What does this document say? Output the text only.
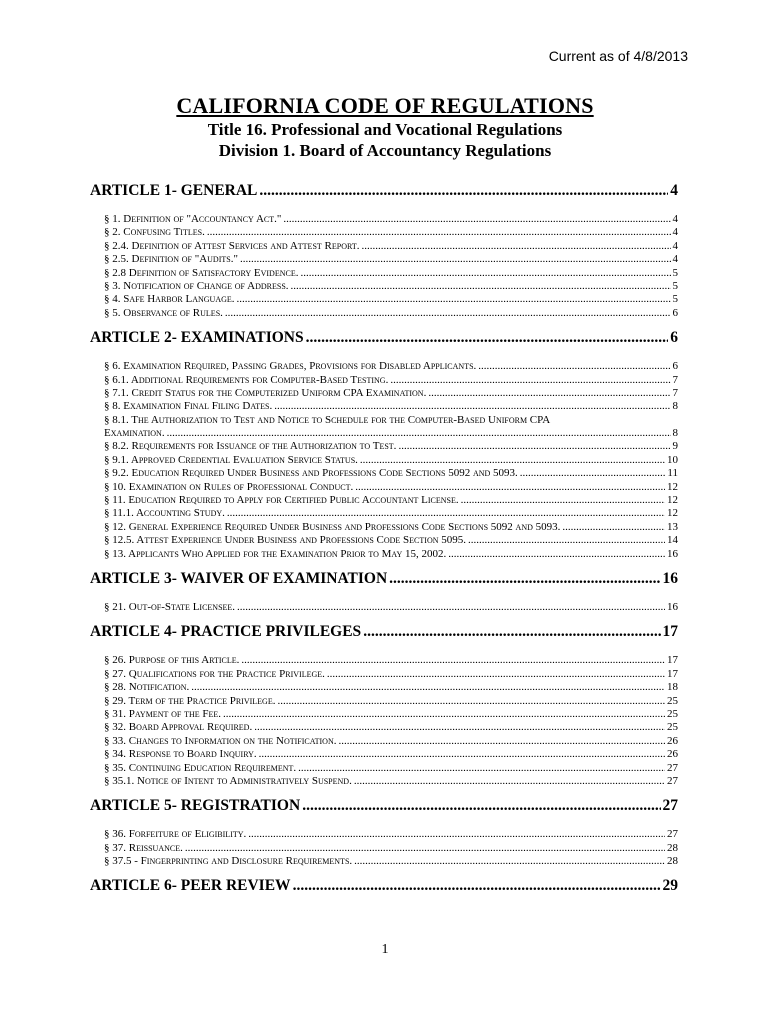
Current as of 4/8/2013

CALIFORNIA CODE OF REGULATIONS

Title 16. Professional and Vocational Regulations

Division 1. Board of Accountancy Regulations

ARTICLE 1- GENERAL .....	4
§ 1. Definition of "Accountancy Act." .....	4
§ 2. Confusing Titles. .....	4
§ 2.4. Definition of Attest Services and Attest Report. .....	4
§ 2.5. Definition of "Audits." .....	4
§ 2.8 Definition of Satisfactory Evidence. .....	5
§ 3. Notification of Change of Address. .....	5
§ 4. Safe Harbor Language. .....	5
§ 5. Observance of Rules. .....	6
ARTICLE 2- EXAMINATIONS .....	6
§ 6. Examination Required, Passing Grades, Provisions for Disabled Applicants. .....	6
§ 6.1. Additional Requirements for Computer-Based Testing. .....	7
§ 7.1. Credit Status for the Computerized Uniform CPA Examination. .....	7
§ 8. Examination Final Filing Dates. .....	8
§ 8.1. The Authorization to Test and Notice to Schedule for the Computer-Based Uniform CPA
Examination. .....	8
§ 8.2. Requirements for Issuance of the Authorization to Test. .....	9
§ 9.1. Approved Credential Evaluation Service Status. .....	10
§ 9.2. Education Required Under Business and Professions Code Sections 5092 and 5093. .....	11
§ 10. Examination on Rules of Professional Conduct. .....	12
§ 11. Education Required to Apply for Certified Public Accountant License. .....	12
§ 11.1. Accounting Study. .....	12
§ 12. General Experience Required Under Business and Professions Code Sections 5092 and 5093. .....	13
§ 12.5. Attest Experience Under Business and Professions Code Section 5095. .....	14
§ 13. Applicants Who Applied for the Examination Prior to May 15, 2002. .....	16
ARTICLE 3- WAIVER OF EXAMINATION .....	16
§ 21. Out-of-State Licensee. .....	16
ARTICLE 4- PRACTICE PRIVILEGES .....	17
§ 26. Purpose of this Article. .....	17
§ 27. Qualifications for the Practice Privilege. .....	17
§ 28. Notification. .....	18
§ 29. Term of the Practice Privilege. .....	25
§ 31. Payment of the Fee. .....	25
§ 32. Board Approval Required. .....	25
§ 33. Changes to Information on the Notification. .....	26
§ 34. Response to Board Inquiry. .....	26
§ 35. Continuing Education Requirement. .....	27
§ 35.1. Notice of Intent to Administratively Suspend. .....	27
ARTICLE 5- REGISTRATION .....	27
§ 36. Forfeiture of Eligibility. .....	27
§ 37. Reissuance. .....	28
§ 37.5 - Fingerprinting and Disclosure Requirements. .....	28
ARTICLE 6- PEER REVIEW .....	29
1
